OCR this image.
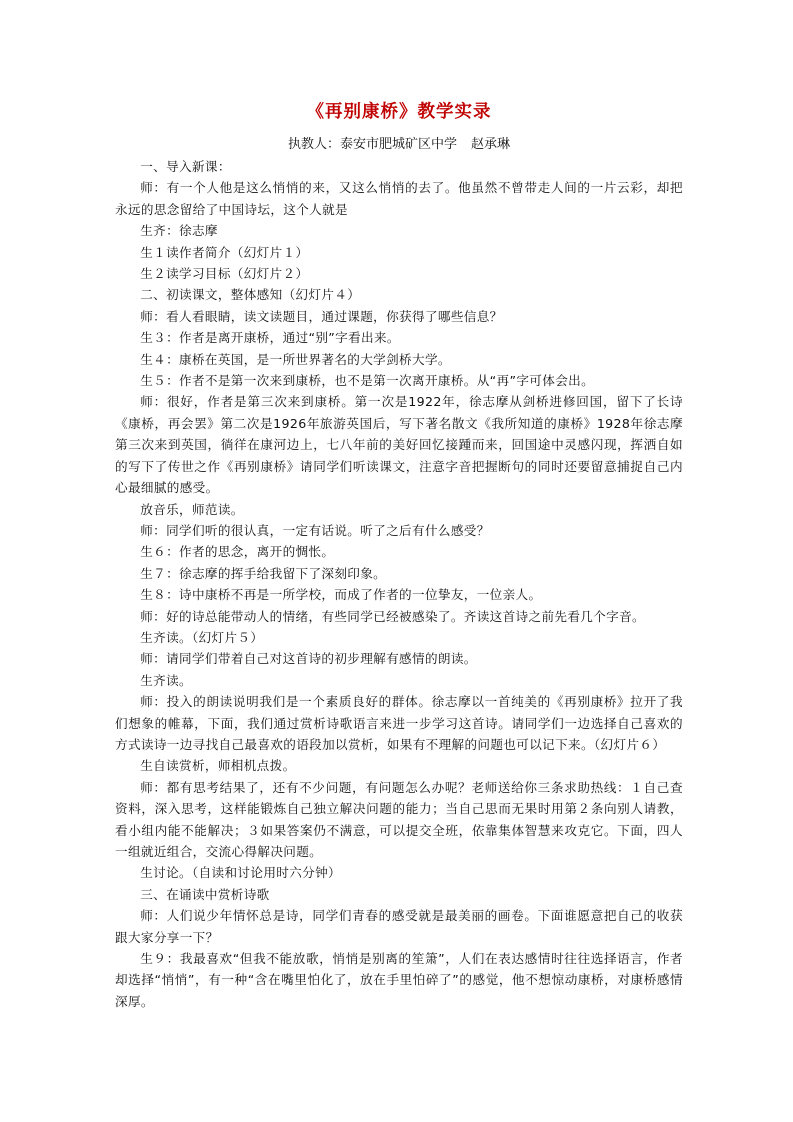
《再别康桥》教学实录
执教人：泰安市肥城矿区中学 赵承琳

一、导入新课：

师：有一个人他是这么悄悄的来，又这么悄悄的去了。他虽然不曾带走人间的一片云彩，却把永远的思念留给了中国诗坛，这个人就是

生齐：徐志摩

生１读作者简介（幻灯片１）

生２读学习目标（幻灯片２）

二、初读课文，整体感知（幻灯片４）

师：看人看眼睛，读文读题目，通过课题，你获得了哪些信息？

生３：作者是离开康桥，通过“别”字看出来。

生４：康桥在英国，是一所世界著名的大学剑桥大学。

生５：作者不是第一次来到康桥，也不是第一次离开康桥。从“再”字可体会出。

师：很好，作者是第三次来到康桥。第一次是1922年，徐志摩从剑桥进修回国，留下了长诗《康桥，再会罢》第二次是1926年旅游英国后，写下著名散文《我所知道的康桥》1928年徐志摩第三次来到英国，徜徉在康河边上，七八年前的美好回忆接踵而来，回国途中灵感闪现，挥洒自如的写下了传世之作《再别康桥》请同学们听读课文，注意字音把握断句的同时还要留意捕捉自己内心最细腻的感受。

放音乐，师范读。

师：同学们听的很认真，一定有话说。听了之后有什么感受？

生６：作者的思念，离开的惆怅。

生７：徐志摩的挥手给我留下了深刻印象。

生８：诗中康桥不再是一所学校，而成了作者的一位挚友，一位亲人。

师：好的诗总能带动人的情绪，有些同学已经被感染了。齐读这首诗之前先看几个字音。

生齐读。（幻灯片５）

师：请同学们带着自己对这首诗的初步理解有感情的朗读。

生齐读。

师：投入的朗读说明我们是一个素质良好的群体。徐志摩以一首纯美的《再别康桥》拉开了我们想象的帷幕，下面，我们通过赏析诗歌语言来进一步学习这首诗。请同学们一边选择自己喜欢的方式读诗一边寻找自己最喜欢的语段加以赏析，如果有不理解的问题也可以记下来。（幻灯片６）

生自读赏析，师相机点拨。

师：都有思考结果了，还有不少问题，有问题怎么办呢？老师送给你三条求助热线：１自己查资料，深入思考，这样能锻炼自己独立解决问题的能力；当自己思而无果时用第２条向别人请教，看小组内能不能解决；３如果答案仍不满意，可以提交全班，依靠集体智慧来攻克它。下面，四人一组就近组合，交流心得解决问题。

生讨论。（自读和讨论用时六分钟）

三、在诵读中赏析诗歌

师：人们说少年情怀总是诗，同学们青春的感受就是最美丽的画卷。下面谁愿意把自己的收获跟大家分享一下？

生９：我最喜欢“但我不能放歌，悄悄是别离的笙箫”，人们在表达感情时往往选择语言，作者却选择“悄悄”，有一种“含在嘴里怕化了，放在手里怕碎了”的感觉，他不想惊动康桥，对康桥感情深厚。
